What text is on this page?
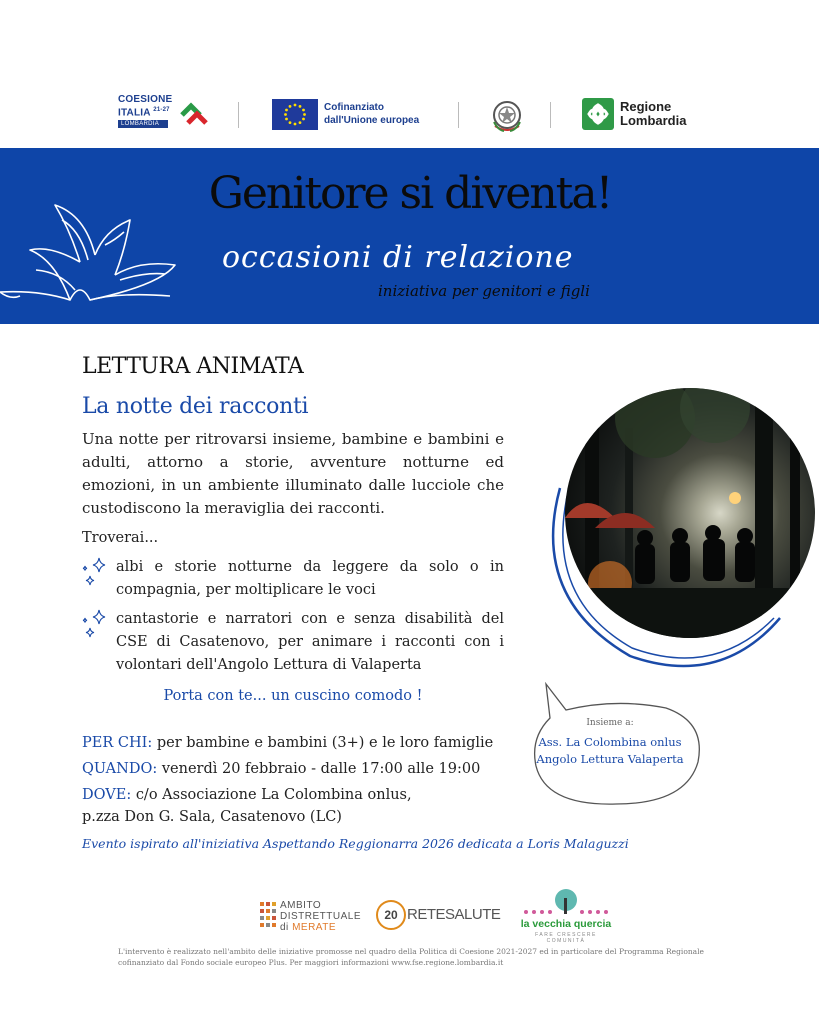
COESIONE
ITALIA $^{21-27}$
LOMBARDIA
Cofinanziato
dall'Unione europea
Regione
Lombardia
Genitore si diventa!
occasioni di relazione
iniziativa per genitori e figli
LETTURA ANIMATA
La notte dei racconti
Una notte per ritrovarsi insieme, bambine e bambini e adulti, attorno a storie, avventure notturne ed emozioni, in un ambiente illuminato dalle lucciole che custodiscono la meraviglia dei racconti.
Troverai...
albi e storie notturne da leggere da solo o in compagnia, per moltiplicare le voci
cantastorie e narratori con e senza disabilità del CSE di Casatenovo, per animare i racconti con i volontari dell'Angolo Lettura di Valaperta
Porta con te... un cuscino comodo !
PER CHI: per bambine e bambini (3+) e le loro famiglie
QUANDO: venerdì 20 febbraio - dalle 17:00 alle 19:00
DOVE: c/o Associazione La Colombina onlus,
p.zza Don G. Sala, Casatenovo (LC)
Evento ispirato all'iniziativa Aspettando Reggionarra 2026 dedicata a Loris Malaguzzi
Insieme a:
Ass. La Colombina onlus
Angolo Lettura Valaperta
AMBITO
DISTRETTUALE
di MERATE
20 RETESALUTE
la vecchia quercia
FARE CRESCERE COMUNITÀ
L'intervento è realizzato nell'ambito delle iniziative promosse nel quadro della Politica di Coesione 2021-2027 ed in particolare del Programma Regionale cofinanziato dal Fondo sociale europeo Plus. Per maggiori informazioni www.fse.regione.lombardia.it
